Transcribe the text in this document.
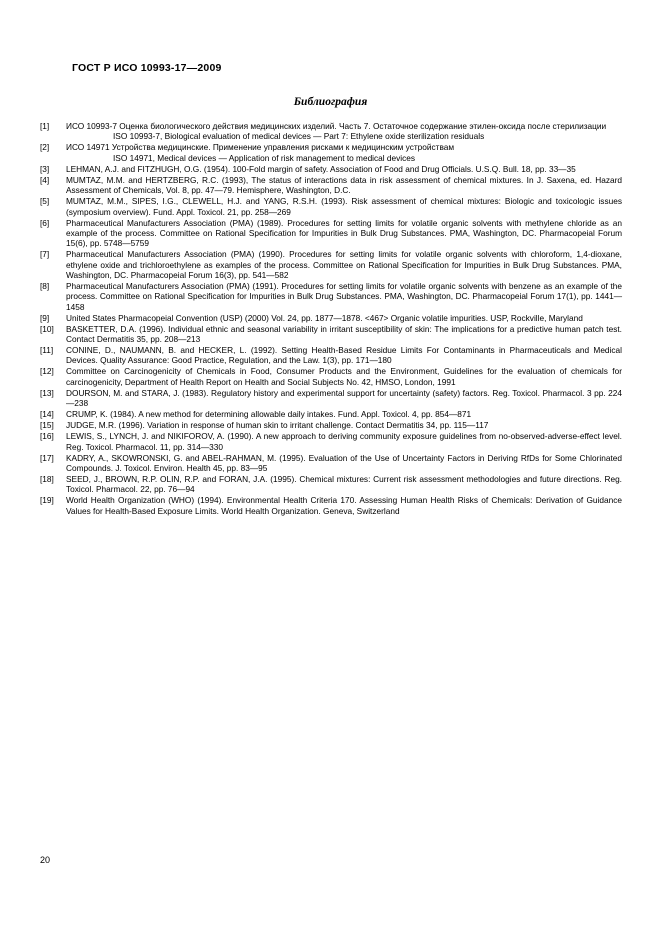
ГОСТ Р ИСО 10993-17—2009
Библиография
[1]	ИСО 10993-7 Оценка биологического действия медицинских изделий. Часть 7. Остаточное содержание этилен-оксида после стерилизации
ISO 10993-7, Biological evaluation of medical devices — Part 7: Ethylene oxide sterilization residuals
[2]	ИСО 14971 Устройства медицинские. Применение управления рисками к медицинским устройствам
ISO 14971, Medical devices — Application of risk management to medical devices
[3]	LEHMAN, A.J. and FITZHUGH, O.G. (1954). 100-Fold margin of safety. Association of Food and Drug Officials. U.S.Q. Bull. 18, pp. 33—35
[4]	MUMTAZ, M.M. and HERTZBERG, R.C. (1993), The status of interactions data in risk assessment of chemical mixtures. In J. Saxena, ed. Hazard Assessment of Chemicals, Vol. 8, pp. 47—79. Hemisphere, Washington, D.C.
[5]	MUMTAZ, M.M., SIPES, I.G., CLEWELL, H.J. and YANG, R.S.H. (1993). Risk assessment of chemical mixtures: Biologic and toxicologic issues (symposium overview). Fund. Appl. Toxicol. 21, pp. 258—269
[6]	Pharmaceutical Manufacturers Association (PMA) (1989). Procedures for setting limits for volatile organic solvents with methylene chloride as an example of the process. Committee on Rational Specification for Impurities in Bulk Drug Substances. PMA, Washington, DC. Pharmacopeial Forum 15(6), pp. 5748—5759
[7]	Pharmaceutical Manufacturers Association (PMA) (1990). Procedures for setting limits for volatile organic solvents with chloroform, 1,4-dioxane, ethylene oxide and trichloroethylene as examples of the process. Committee on Rational Specification for Impurities in Bulk Drug Substances. PMA, Washington, DC. Pharmacopeial Forum 16(3), pp. 541—582
[8]	Pharmaceutical Manufacturers Association (PMA) (1991). Procedures for setting limits for volatile organic solvents with benzene as an example of the process. Committee on Rational Specification for Impurities in Bulk Drug Substances. PMA, Washington, DC. Pharmacopeial Forum 17(1), pp. 1441—1458
[9]	United States Pharmacopeial Convention (USP) (2000) Vol. 24, pp. 1877—1878. <467> Organic volatile impurities. USP, Rockville, Maryland
[10]	BASKETTER, D.A. (1996). Individual ethnic and seasonal variability in irritant susceptibility of skin: The implications for a predictive human patch test. Contact Dermatitis 35, pp. 208—213
[11]	CONINE, D., NAUMANN, B. and HECKER, L. (1992). Setting Health-Based Residue Limits For Contaminants in Pharmaceuticals and Medical Devices. Quality Assurance: Good Practice, Regulation, and the Law. 1(3), pp. 171—180
[12]	Committee on Carcinogenicity of Chemicals in Food, Consumer Products and the Environment, Guidelines for the evaluation of chemicals for carcinogenicity, Department of Health Report on Health and Social Subjects No. 42, HMSO, London, 1991
[13]	DOURSON, M. and STARA, J. (1983). Regulatory history and experimental support for uncertainty (safety) factors. Reg. Toxicol. Pharmacol. 3 pp. 224—238
[14]	CRUMP, K. (1984). A new method for determining allowable daily intakes. Fund. Appl. Toxicol. 4, pp. 854—871
[15]	JUDGE, M.R. (1996). Variation in response of human skin to irritant challenge. Contact Dermatitis 34, pp. 115—117
[16]	LEWIS, S., LYNCH, J. and NIKIFOROV, A. (1990). A new approach to deriving community exposure guidelines from no-observed-adverse-effect level. Reg. Toxicol. Pharmacol. 11, pp. 314—330
[17]	KADRY, A., SKOWRONSKI, G. and ABEL-RAHMAN, M. (1995). Evaluation of the Use of Uncertainty Factors in Deriving RfDs for Some Chlorinated Compounds. J. Toxicol. Environ. Health 45, pp. 83—95
[18]	SEED, J., BROWN, R.P. OLIN, R.P. and FORAN, J.A. (1995). Chemical mixtures: Current risk assessment methodologies and future directions. Reg. Toxicol. Pharmacol. 22, pp. 76—94
[19]	World Health Organization (WHO) (1994). Environmental Health Criteria 170. Assessing Human Health Risks of Chemicals: Derivation of Guidance Values for Health-Based Exposure Limits. World Health Organization. Geneva, Switzerland
20
